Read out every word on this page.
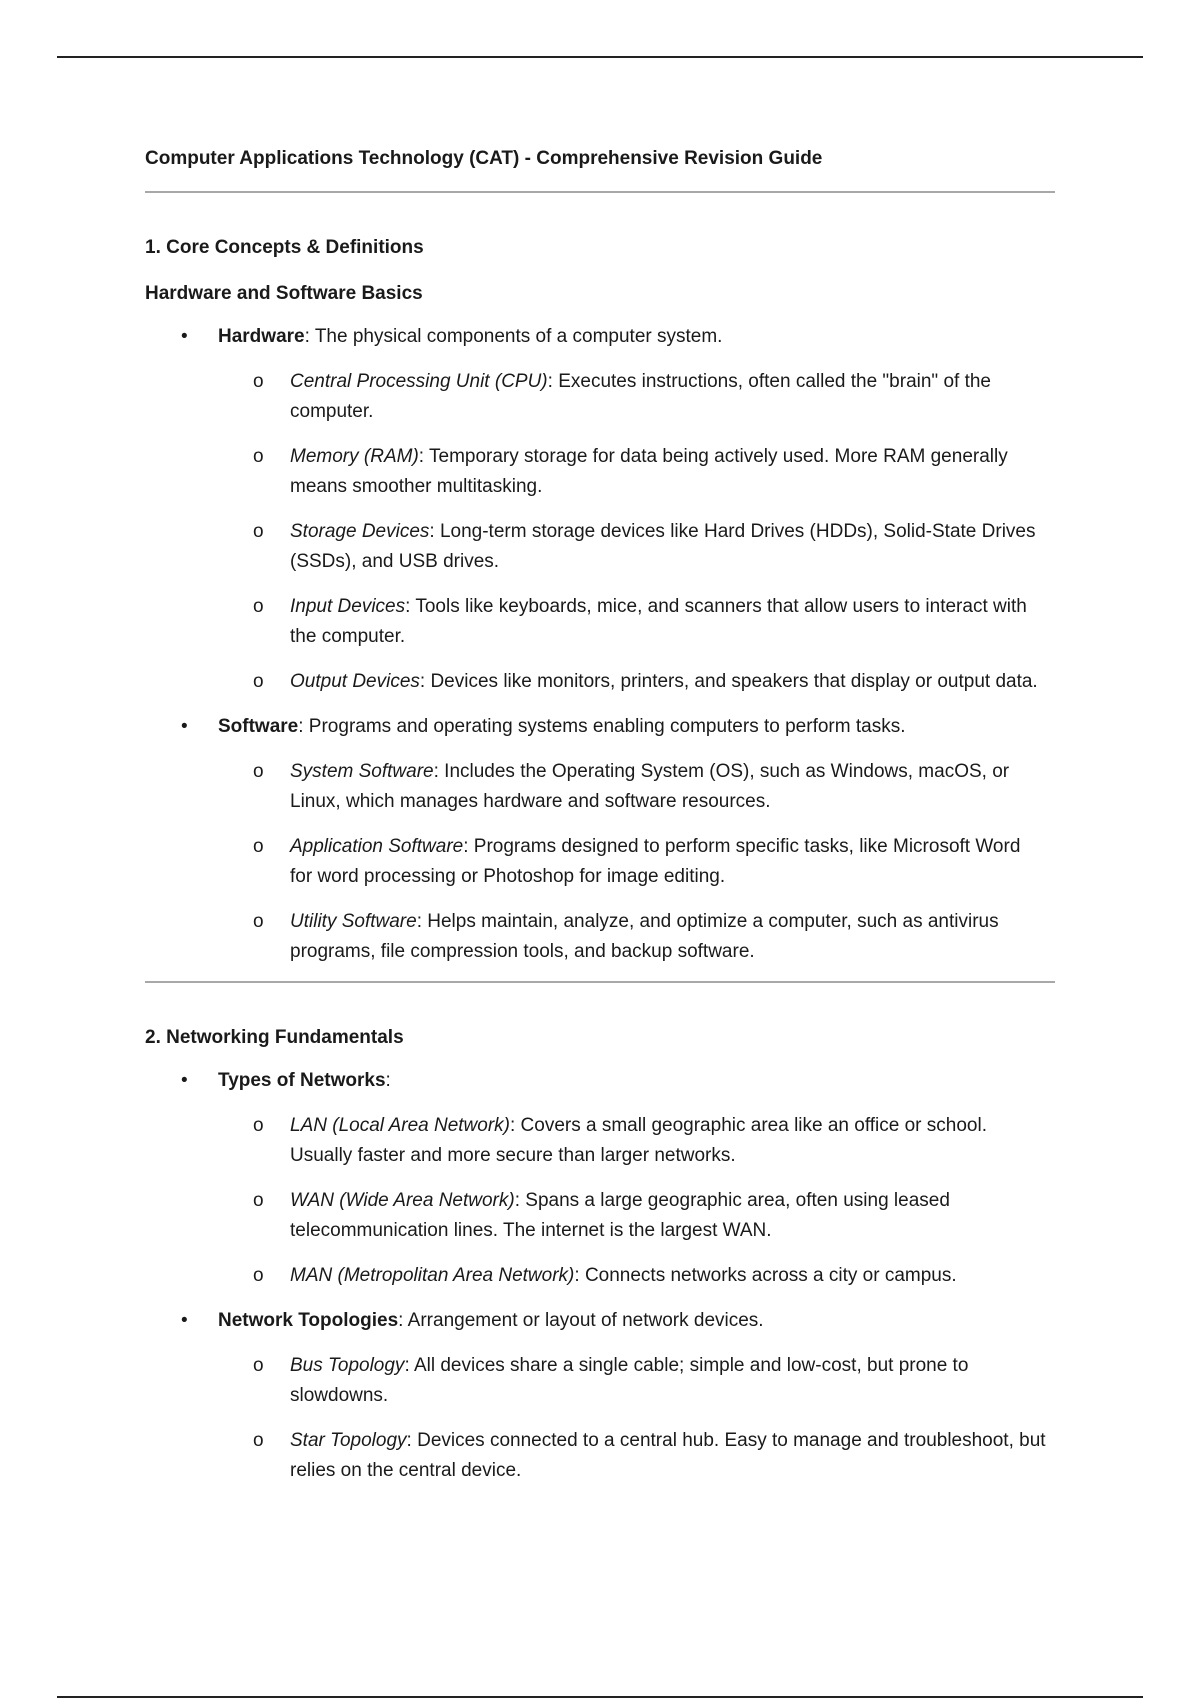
Computer Applications Technology (CAT) - Comprehensive Revision Guide
1. Core Concepts & Definitions
Hardware and Software Basics
•	Hardware: The physical components of a computer system.
o	Central Processing Unit (CPU): Executes instructions, often called the "brain" of the computer.
o	Memory (RAM): Temporary storage for data being actively used. More RAM generally means smoother multitasking.
o	Storage Devices: Long-term storage devices like Hard Drives (HDDs), Solid-State Drives (SSDs), and USB drives.
o	Input Devices: Tools like keyboards, mice, and scanners that allow users to interact with the computer.
o	Output Devices: Devices like monitors, printers, and speakers that display or output data.
•	Software: Programs and operating systems enabling computers to perform tasks.
o	System Software: Includes the Operating System (OS), such as Windows, macOS, or Linux, which manages hardware and software resources.
o	Application Software: Programs designed to perform specific tasks, like Microsoft Word for word processing or Photoshop for image editing.
o	Utility Software: Helps maintain, analyze, and optimize a computer, such as antivirus programs, file compression tools, and backup software.
2. Networking Fundamentals
•	Types of Networks:
o	LAN (Local Area Network): Covers a small geographic area like an office or school. Usually faster and more secure than larger networks.
o	WAN (Wide Area Network): Spans a large geographic area, often using leased telecommunication lines. The internet is the largest WAN.
o	MAN (Metropolitan Area Network): Connects networks across a city or campus.
•	Network Topologies: Arrangement or layout of network devices.
o	Bus Topology: All devices share a single cable; simple and low-cost, but prone to slowdowns.
o	Star Topology: Devices connected to a central hub. Easy to manage and troubleshoot, but relies on the central device.
